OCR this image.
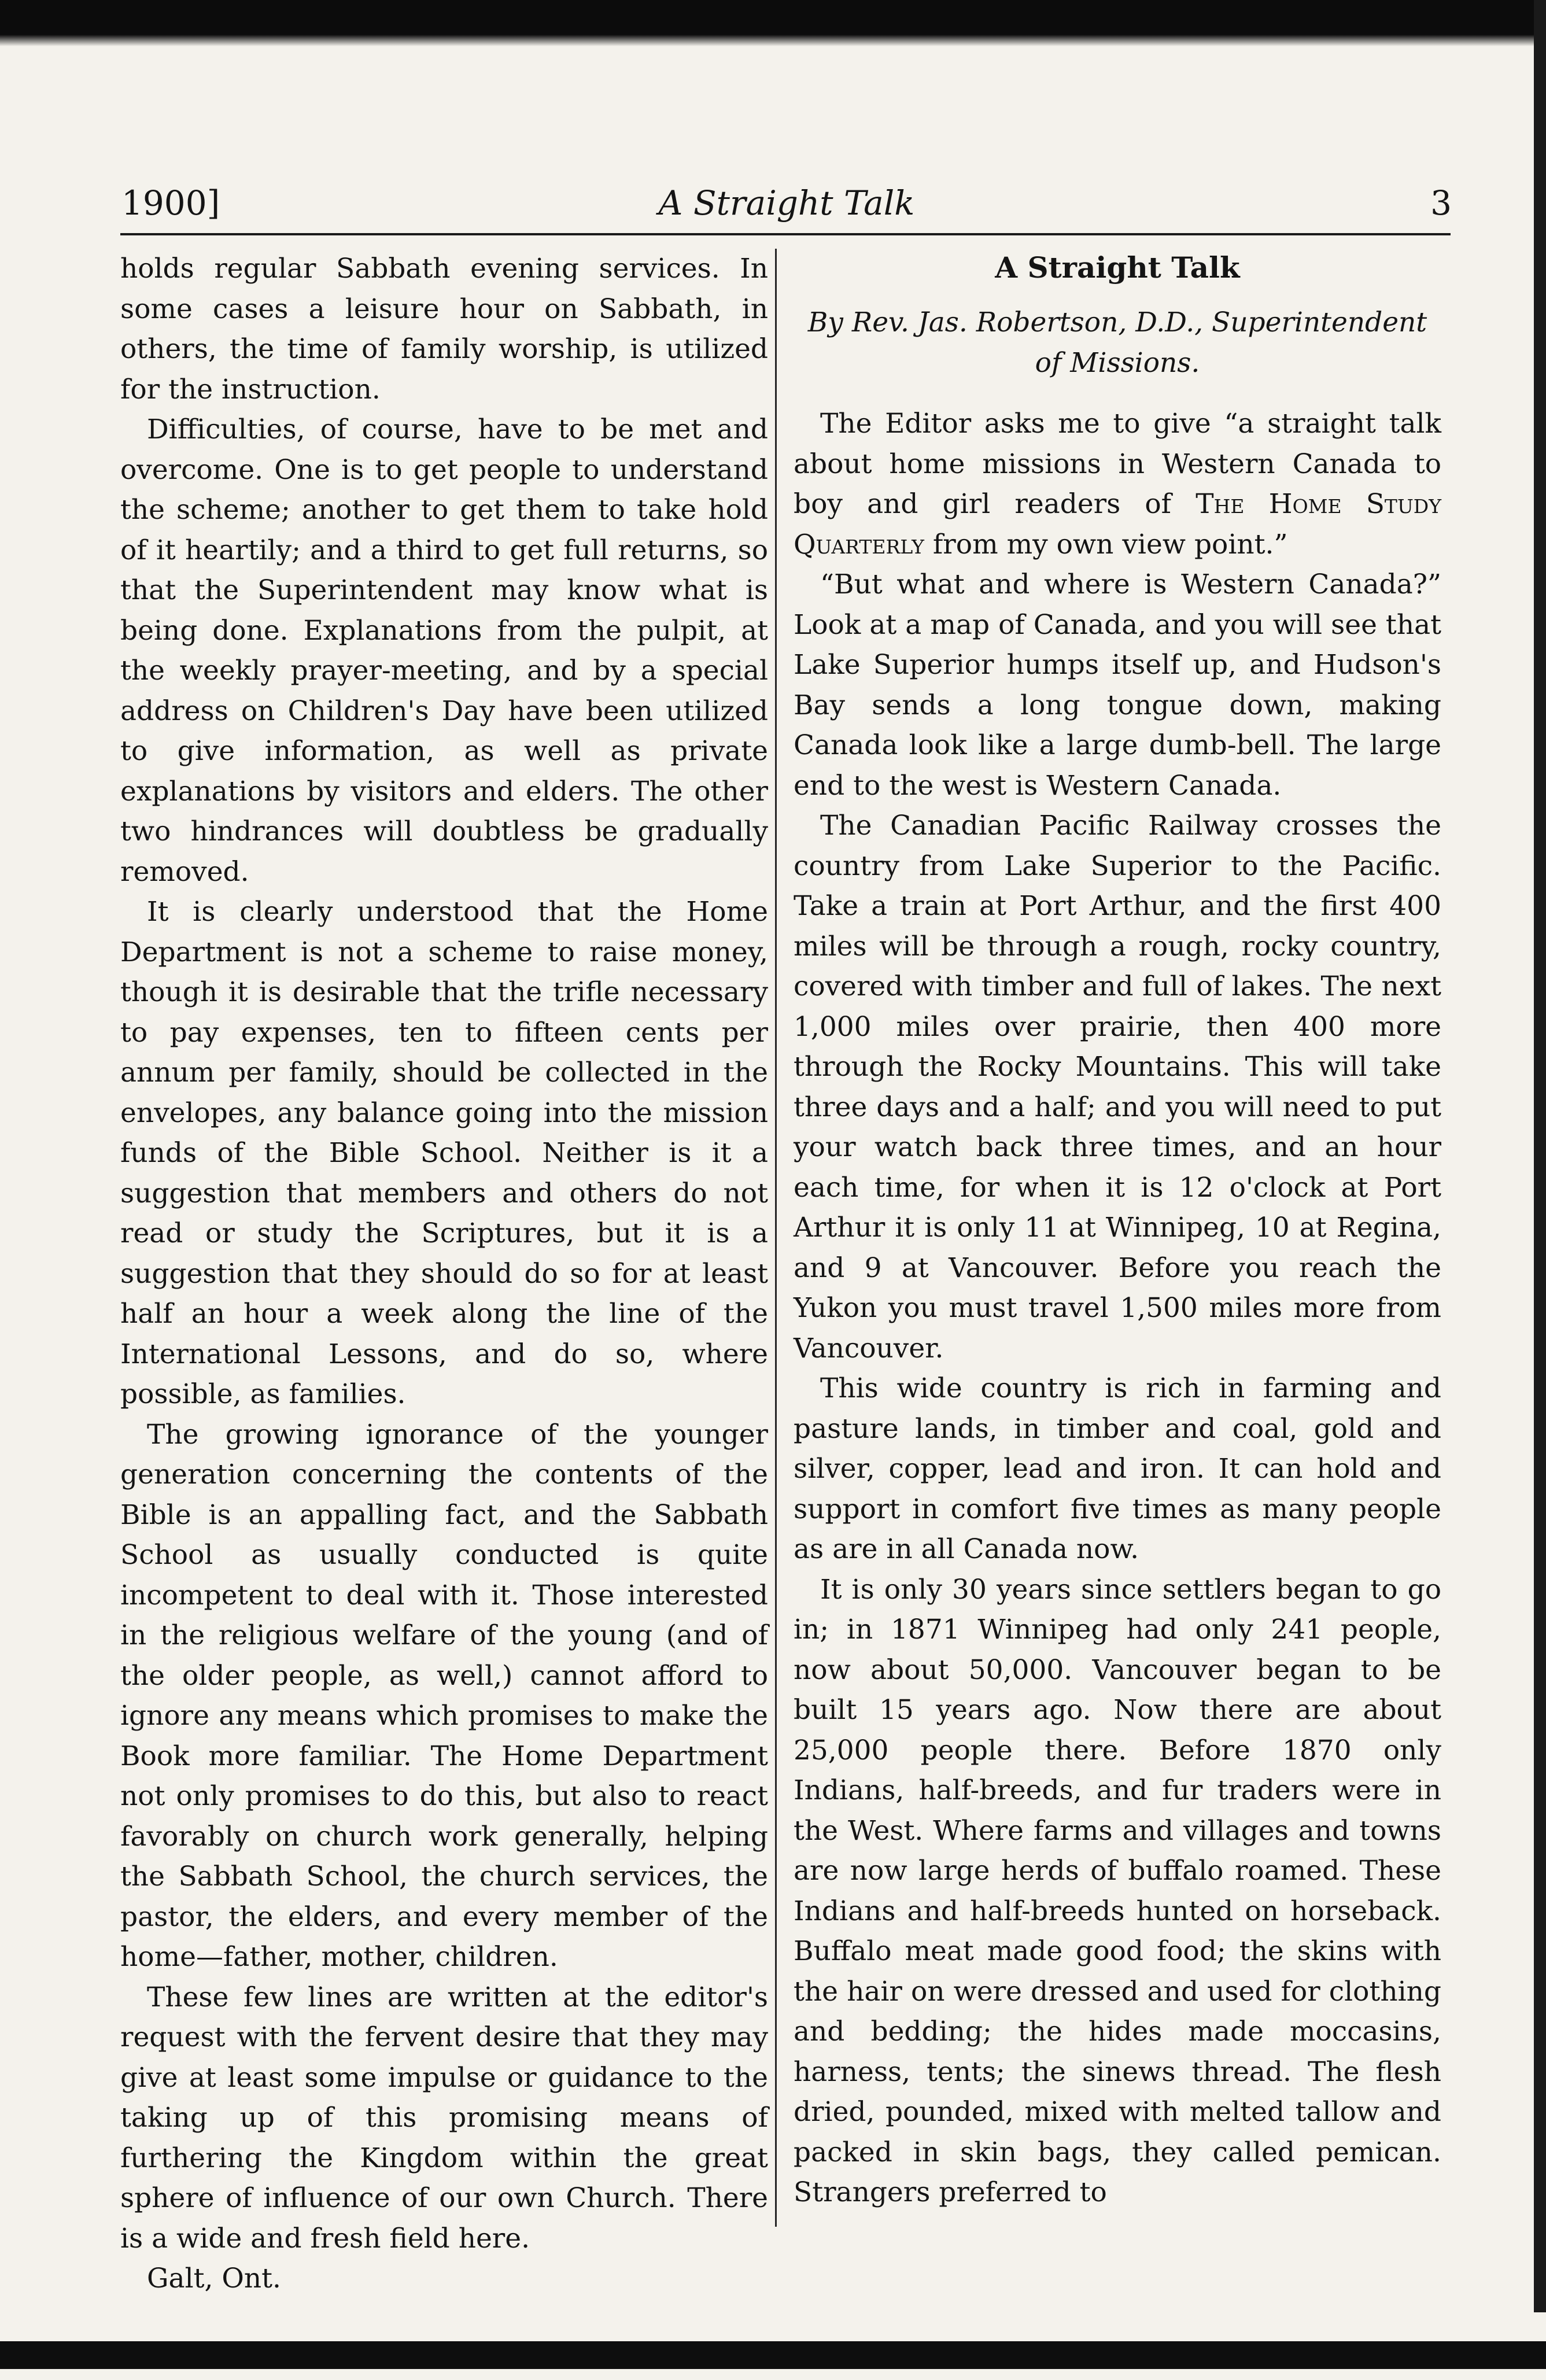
A Straight Talk
1900]	3

holds regular Sabbath evening services. In some cases a leisure hour on Sabbath, in others, the time of family worship, is utilized for the instruction.

Difficulties, of course, have to be met and overcome. One is to get people to understand the scheme; another to get them to take hold of it heartily; and a third to get full returns, so that the Superintendent may know what is being done. Explanations from the pulpit, at the weekly prayer-meeting, and by a special address on Children's Day have been utilized to give information, as well as private explanations by visitors and elders. The other two hindrances will doubtless be gradually removed.

It is clearly understood that the Home Department is not a scheme to raise money, though it is desirable that the trifle necessary to pay expenses, ten to fifteen cents per annum per family, should be collected in the envelopes, any balance going into the mission funds of the Bible School. Neither is it a suggestion that members and others do not read or study the Scriptures, but it is a suggestion that they should do so for at least half an hour a week along the line of the International Lessons, and do so, where possible, as families.

The growing ignorance of the younger generation concerning the contents of the Bible is an appalling fact, and the Sabbath School as usually conducted is quite incompetent to deal with it. Those interested in the religious welfare of the young (and of the older people, as well,) cannot afford to ignore any means which promises to make the Book more familiar. The Home Department not only promises to do this, but also to react favorably on church work generally, helping the Sabbath School, the church services, the pastor, the elders, and every member of the home—father, mother, children.

These few lines are written at the editor's request with the fervent desire that they may give at least some impulse or guidance to the taking up of this promising means of furthering the Kingdom within the great sphere of influence of our own Church. There is a wide and fresh field here.

Galt, Ont.

A Straight Talk
By Rev. Jas. Robertson, D.D., Superintendent of Missions.

The Editor asks me to give “a straight talk about home missions in Western Canada to boy and girl readers of The Home Study Quarterly from my own view point.”

“But what and where is Western Canada?” Look at a map of Canada, and you will see that Lake Superior humps itself up, and Hudson's Bay sends a long tongue down, making Canada look like a large dumb-bell. The large end to the west is Western Canada.

The Canadian Pacific Railway crosses the country from Lake Superior to the Pacific. Take a train at Port Arthur, and the first 400 miles will be through a rough, rocky country, covered with timber and full of lakes. The next 1,000 miles over prairie, then 400 more through the Rocky Mountains. This will take three days and a half; and you will need to put your watch back three times, and an hour each time, for when it is 12 o'clock at Port Arthur it is only 11 at Winnipeg, 10 at Regina, and 9 at Vancouver. Before you reach the Yukon you must travel 1,500 miles more from Vancouver.

This wide country is rich in farming and pasture lands, in timber and coal, gold and silver, copper, lead and iron. It can hold and support in comfort five times as many people as are in all Canada now.

It is only 30 years since settlers began to go in; in 1871 Winnipeg had only 241 people, now about 50,000. Vancouver began to be built 15 years ago. Now there are about 25,000 people there. Before 1870 only Indians, half-breeds, and fur traders were in the West. Where farms and villages and towns are now large herds of buffalo roamed. These Indians and half-breeds hunted on horseback. Buffalo meat made good food; the skins with the hair on were dressed and used for clothing and bedding; the hides made moccasins, harness, tents; the sinews thread. The flesh dried, pounded, mixed with melted tallow and packed in skin bags, they called pemican. Strangers preferred to
